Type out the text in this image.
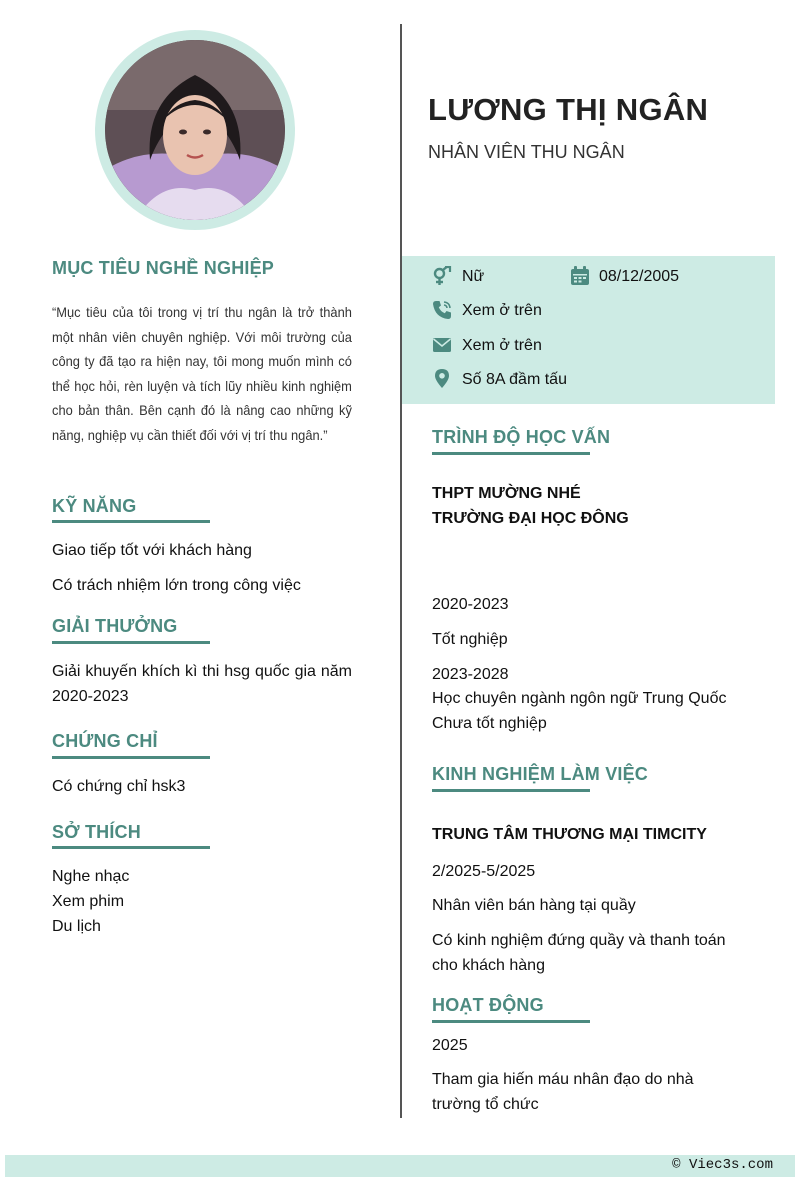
MỤC TIÊU NGHỀ NGHIỆP
“Mục tiêu của tôi trong vị trí thu ngân là trở thành một nhân viên chuyên nghiệp. Với môi trường của công ty đã tạo ra hiện nay, tôi mong muốn mình có thể học hỏi, rèn luyện và tích lũy nhiều kinh nghiệm cho bản thân. Bên cạnh đó là nâng cao những kỹ năng, nghiệp vụ cần thiết đối với vị trí thu ngân.”
KỸ NĂNG
Giao tiếp tốt với khách hàng
Có trách nhiệm lớn trong công việc
GIẢI THƯỞNG
Giải khuyến khích kì thi hsg quốc gia năm 2020-2023
CHỨNG CHỈ
Có chứng chỉ hsk3
SỞ THÍCH
Nghe nhạc
Xem phim
Du lịch
LƯƠNG THỊ NGÂN
NHÂN VIÊN THU NGÂN
Nữ	08/12/2005
Xem ở trên
Xem ở trên
Số 8A đầm tấu
TRÌNH ĐỘ HỌC VẤN
THPT MƯỜNG NHÉ
TRƯỜNG ĐẠI HỌC ĐÔNG
2020-2023
Tốt nghiệp
2023-2028
Học chuyên ngành ngôn ngữ Trung Quốc
Chưa tốt nghiệp
KINH NGHIỆM LÀM VIỆC
TRUNG TÂM THƯƠNG MẠI TIMCITY
2/2025-5/2025
Nhân viên bán hàng tại quầy
Có kinh nghiệm đứng quầy và thanh toán cho khách hàng
HOẠT ĐỘNG
2025
Tham gia hiến máu nhân đạo do nhà trường tổ chức
© Viec3s.com
